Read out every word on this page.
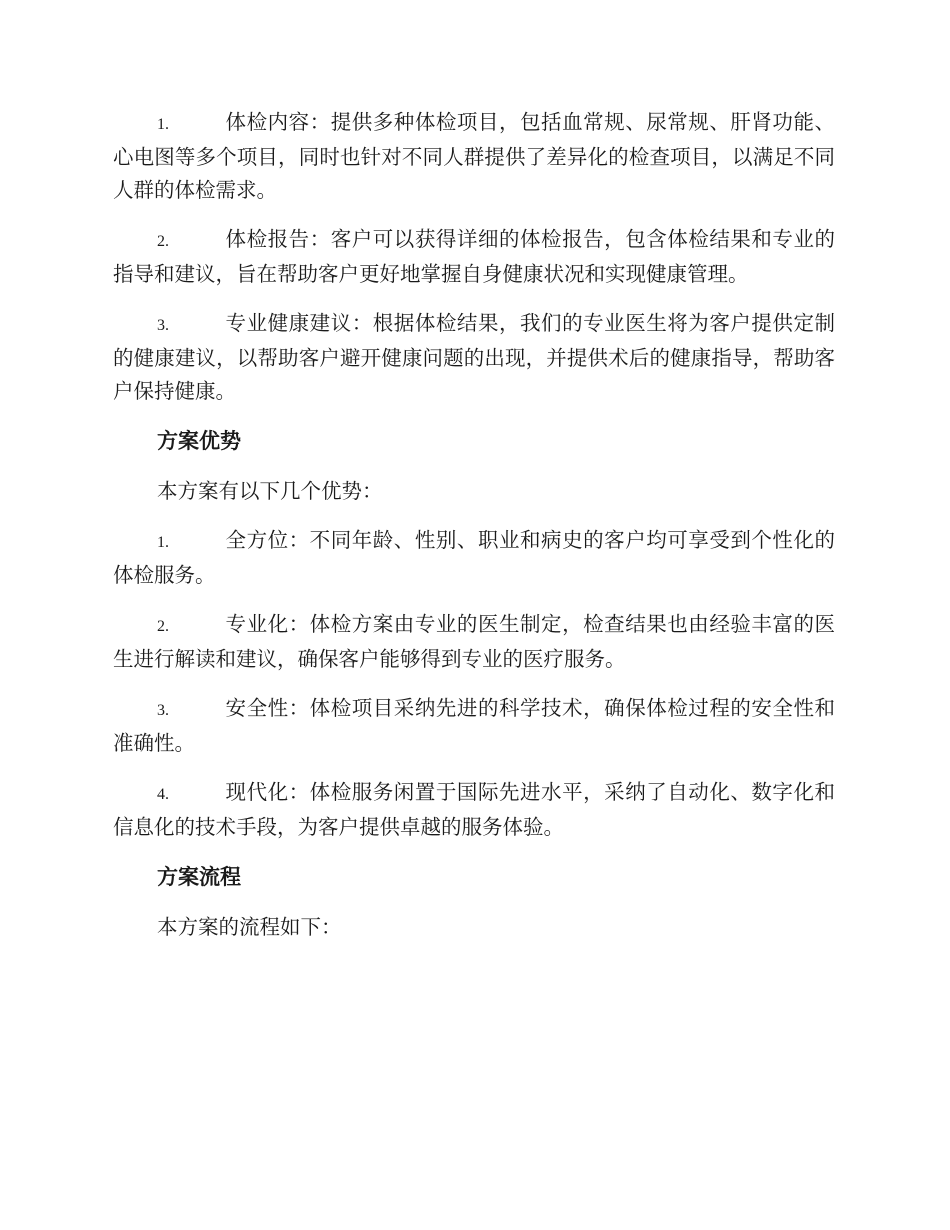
1.	体检内容：提供多种体检项目，包括血常规、尿常规、肝肾功能、心电图等多个项目，同时也针对不同人群提供了差异化的检查项目，以满足不同人群的体检需求。

2.	体检报告：客户可以获得详细的体检报告，包含体检结果和专业的指导和建议，旨在帮助客户更好地掌握自身健康状况和实现健康管理。

3.	专业健康建议：根据体检结果，我们的专业医生将为客户提供定制的健康建议，以帮助客户避开健康问题的出现，并提供术后的健康指导，帮助客户保持健康。

方案优势

本方案有以下几个优势：

1.	全方位：不同年龄、性别、职业和病史的客户均可享受到个性化的体检服务。

2.	专业化：体检方案由专业的医生制定，检查结果也由经验丰富的医生进行解读和建议，确保客户能够得到专业的医疗服务。

3.	安全性：体检项目采纳先进的科学技术，确保体检过程的安全性和准确性。

4.	现代化：体检服务闲置于国际先进水平，采纳了自动化、数字化和信息化的技术手段，为客户提供卓越的服务体验。

方案流程

本方案的流程如下：
